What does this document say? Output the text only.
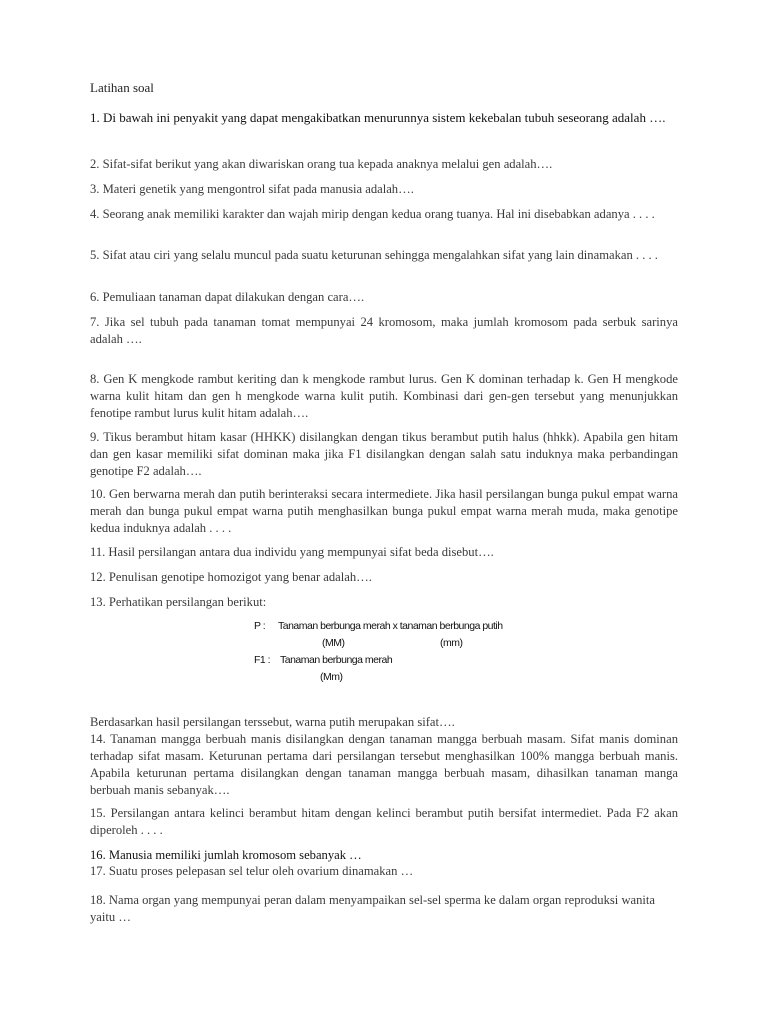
Latihan soal

1. Di bawah ini penyakit yang dapat mengakibatkan menurunnya sistem kekebalan tubuh seseorang adalah ….

2. Sifat-sifat berikut yang akan diwariskan orang tua kepada anaknya melalui gen adalah….

3. Materi genetik yang mengontrol sifat pada manusia adalah….

4. Seorang anak memiliki karakter dan wajah mirip dengan kedua orang tuanya. Hal ini disebabkan adanya . . . .

5. Sifat atau ciri yang selalu muncul pada suatu keturunan sehingga mengalahkan sifat yang lain dinamakan . . . .

6. Pemuliaan tanaman dapat dilakukan dengan cara….

7. Jika sel tubuh pada tanaman tomat mempunyai 24 kromosom, maka jumlah kromosom pada serbuk sarinya adalah ….

8. Gen K mengkode rambut keriting dan k mengkode rambut lurus. Gen K dominan terhadap k. Gen H mengkode warna kulit hitam dan gen h mengkode warna kulit putih. Kombinasi dari gen-gen tersebut yang menunjukkan fenotipe rambut lurus kulit hitam adalah….

9. Tikus berambut hitam kasar (HHKK) disilangkan dengan tikus berambut putih halus (hhkk). Apabila gen hitam dan gen kasar memiliki sifat dominan maka jika F1 disilangkan dengan salah satu induknya maka perbandingan genotipe F2 adalah….

10. Gen berwarna merah dan putih berinteraksi secara intermediete. Jika hasil persilangan bunga pukul empat warna merah dan bunga pukul empat warna putih menghasilkan bunga pukul empat warna merah muda, maka genotipe kedua induknya adalah . . . .

11. Hasil persilangan antara dua individu yang mempunyai sifat beda disebut….

12. Penulisan genotipe homozigot yang benar adalah….

13. Perhatikan persilangan berikut:

P : Tanaman berbunga merah x tanaman berbunga putih
(MM)	(mm)
F1 : Tanaman berbunga merah
(Mm)

Berdasarkan hasil persilangan terssebut, warna putih merupakan sifat….

14. Tanaman mangga berbuah manis disilangkan dengan tanaman mangga berbuah masam. Sifat manis dominan terhadap sifat masam. Keturunan pertama dari persilangan tersebut menghasilkan 100% mangga berbuah manis. Apabila keturunan pertama disilangkan dengan tanaman mangga berbuah masam, dihasilkan tanaman manga berbuah manis sebanyak….

15. Persilangan antara kelinci berambut hitam dengan kelinci berambut putih bersifat intermediet. Pada F2 akan diperoleh . . . .

16. Manusia memiliki jumlah kromosom sebanyak …

17. Suatu proses pelepasan sel telur oleh ovarium dinamakan …

18. Nama organ yang mempunyai peran dalam menyampaikan sel-sel sperma ke dalam organ reproduksi wanita yaitu …
